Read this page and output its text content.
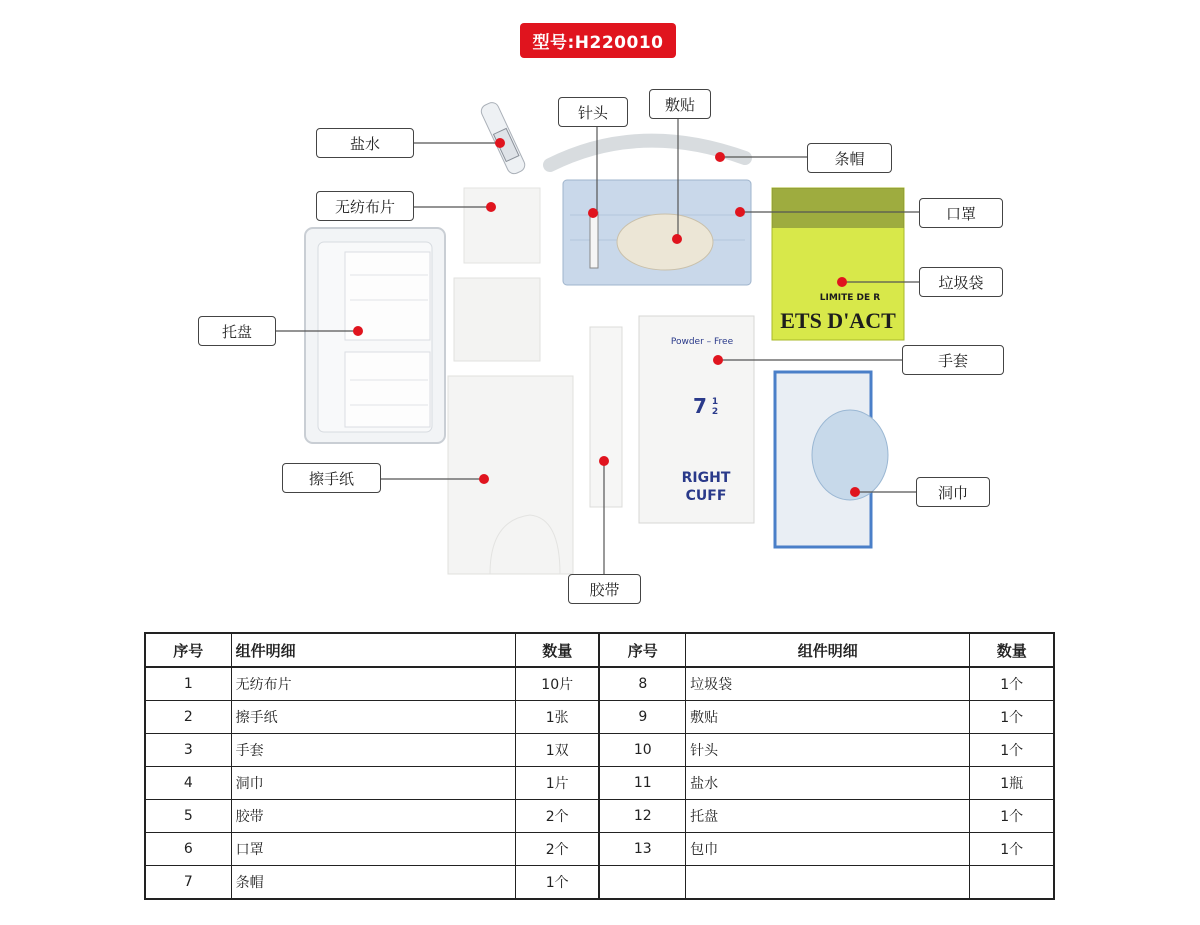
型号:H220010
ETS D'ACT
LIMITE DE R
Powder – Free
7 1
2
RIGHT
CUFF
盐水
针头	敷贴
条帽
无纺布片	口罩
垃圾袋
托盘
手套
擦手纸
洞巾
胶带
序号	组件明细	数量	序号	组件明细	数量
1	无纺布片	10片	8	垃圾袋	1个
2	擦手纸	1张	9	敷贴	1个
3	手套	1双	10	针头	1个
4	洞巾	1片	11	盐水	1瓶
5	胶带	2个	12	托盘	1个
6	口罩	2个	13	包巾	1个
7	条帽	1个			
